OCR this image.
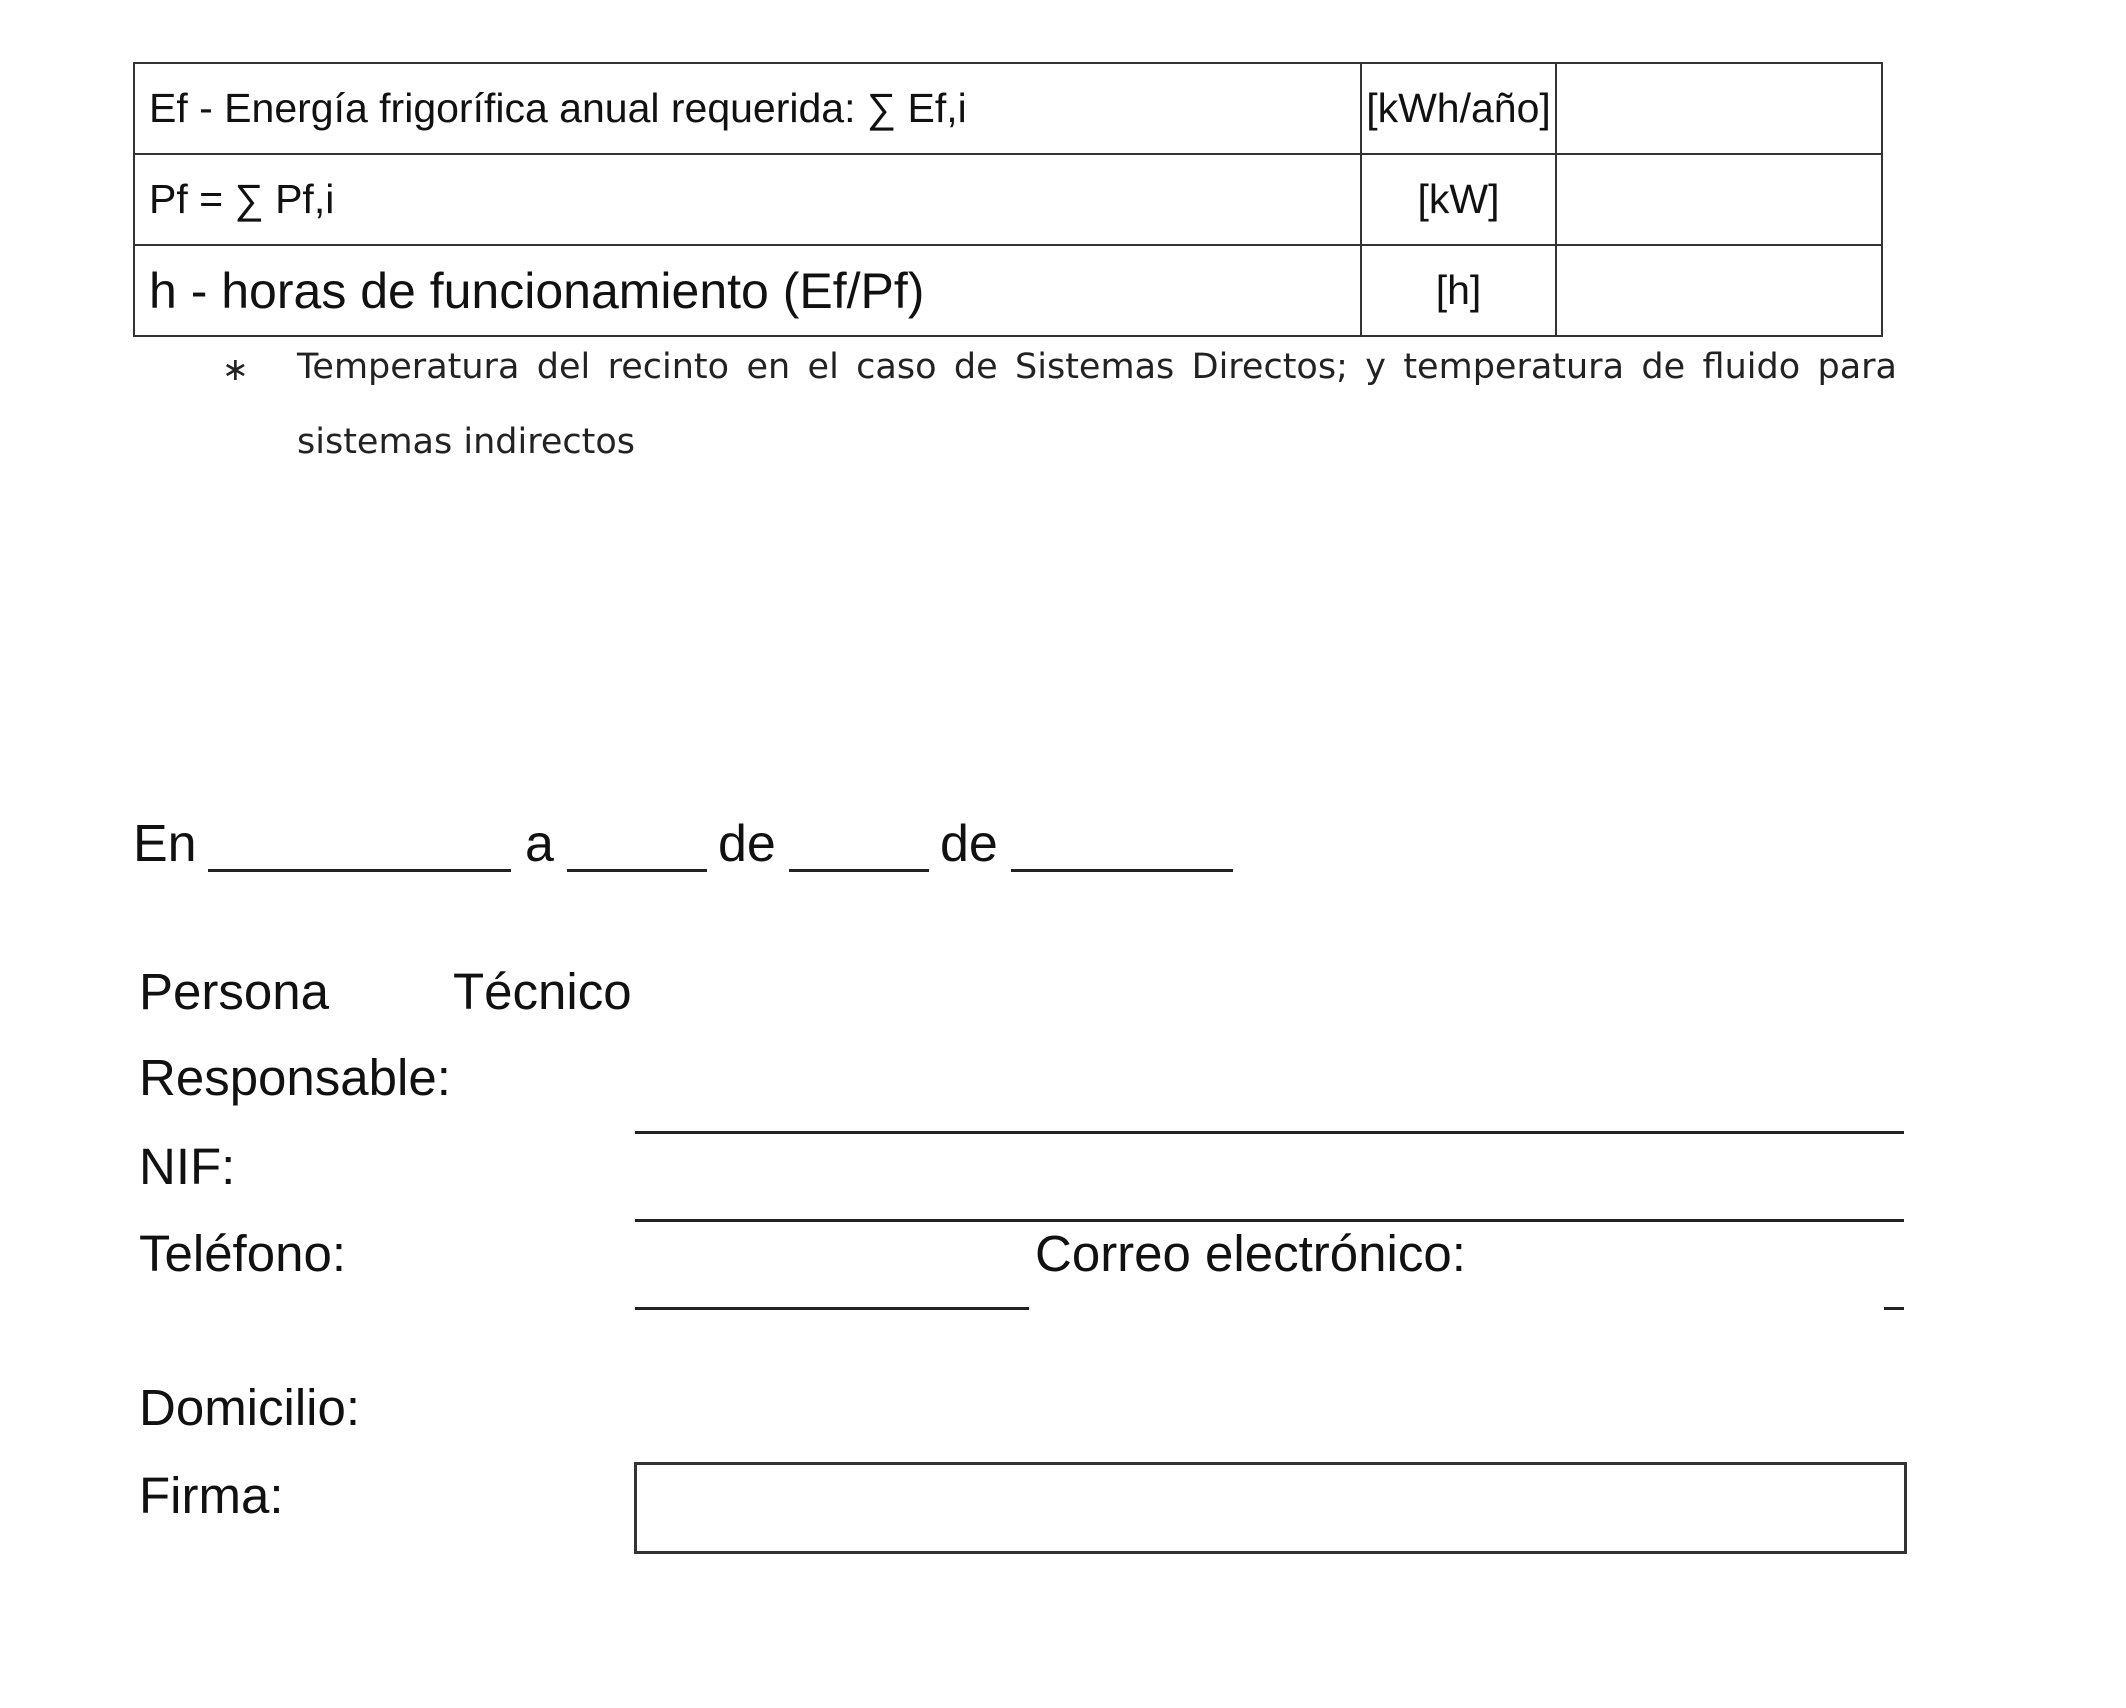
Ef - Energía frigorífica anual requerida: ∑ Ef,i	[kWh/año]	
Pf = ∑ Pf,i	[kW]	
h - horas de funcionamiento (Ef/Pf)	[h]	
∗ Temperatura del recinto en el caso de Sistemas Directos; y temperatura de fluido para
sistemas indirectos
En	a	de	de
Persona Técnico
Responsable:
NIF:
Teléfono:	Correo electrónico:
Domicilio:
Firma:
